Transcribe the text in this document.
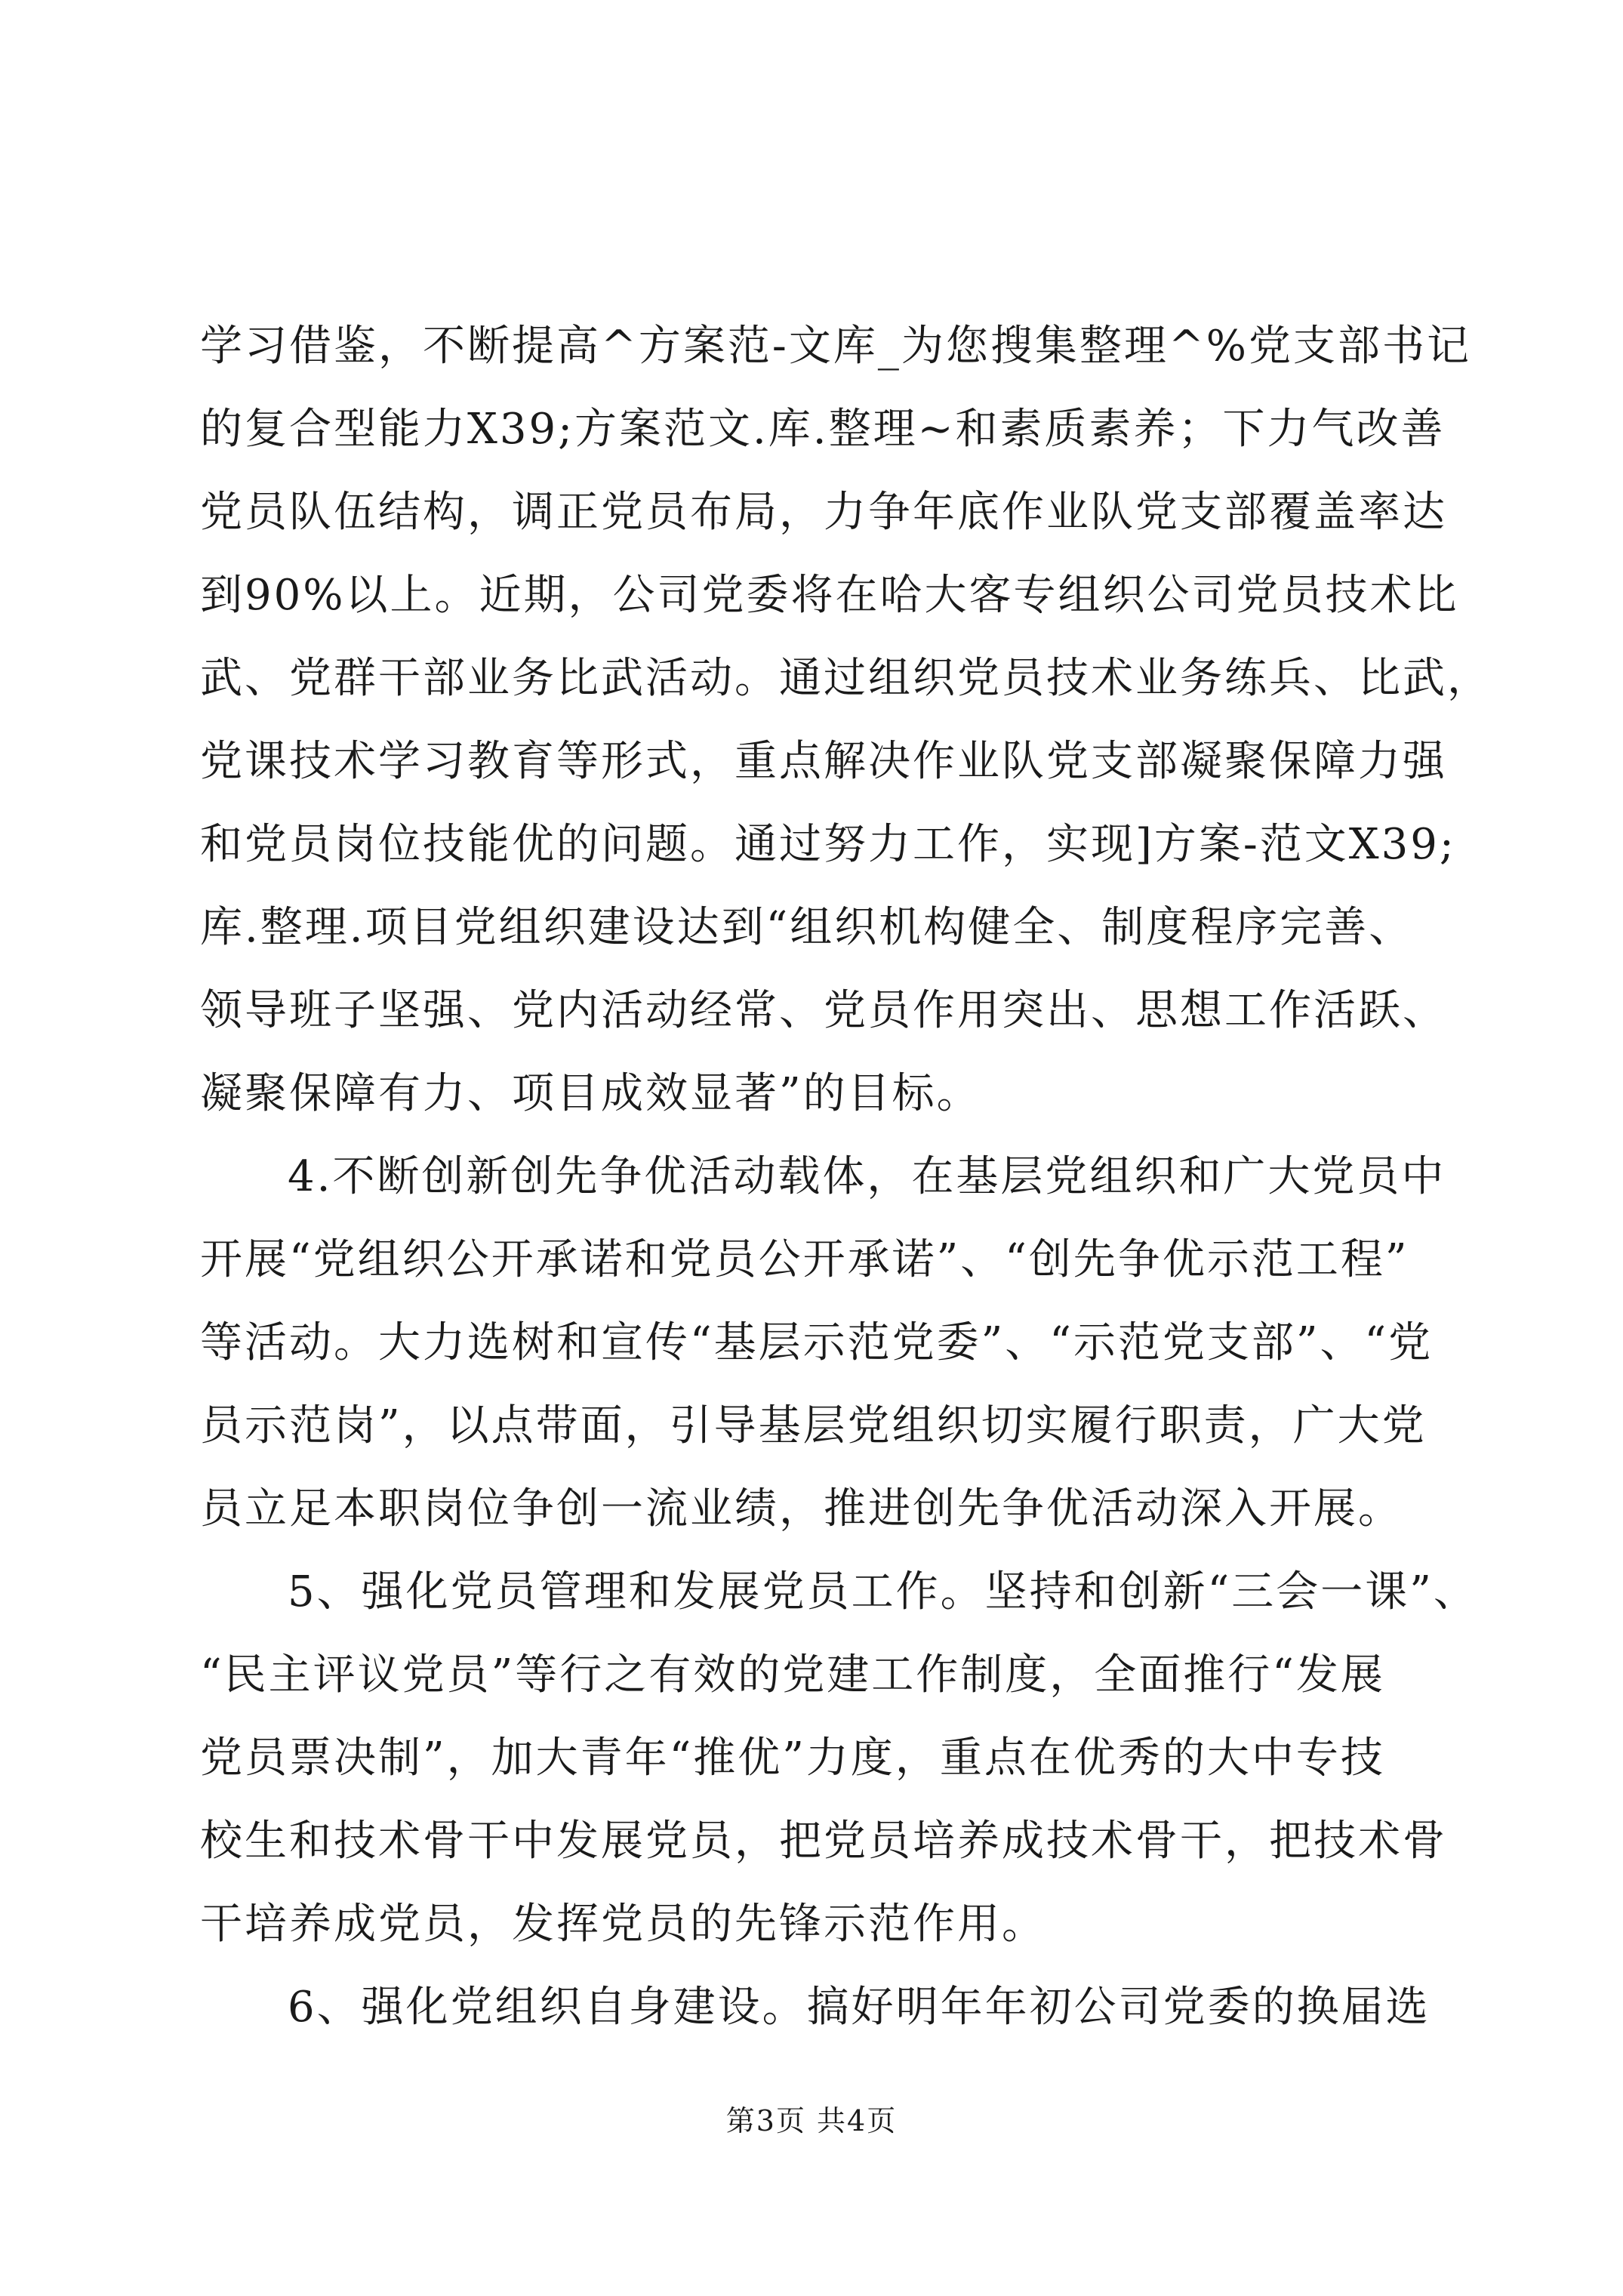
学习借鉴，不断提高^方案范-文库_为您搜集整理^%党支部书记
的复合型能力X39;方案范文.库.整理~和素质素养；下力气改善
党员队伍结构，调正党员布局，力争年底作业队党支部覆盖率达
到90%以上。近期，公司党委将在哈大客专组织公司党员技术比
武、党群干部业务比武活动。通过组织党员技术业务练兵、比武，
党课技术学习教育等形式，重点解决作业队党支部凝聚保障力强
和党员岗位技能优的问题。通过努力工作，实现]方案-范文X39;
库.整理.项目党组织建设达到“组织机构健全、制度程序完善、
领导班子坚强、党内活动经常、党员作用突出、思想工作活跃、
凝聚保障有力、项目成效显著”的目标。
4.不断创新创先争优活动载体，在基层党组织和广大党员中
开展“党组织公开承诺和党员公开承诺”、“创先争优示范工程”
等活动。大力选树和宣传“基层示范党委”、“示范党支部”、“党
员示范岗”，以点带面，引导基层党组织切实履行职责，广大党
员立足本职岗位争创一流业绩，推进创先争优活动深入开展。
5、强化党员管理和发展党员工作。坚持和创新“三会一课”、
“民主评议党员”等行之有效的党建工作制度，全面推行“发展
党员票决制”，加大青年“推优”力度，重点在优秀的大中专技
校生和技术骨干中发展党员，把党员培养成技术骨干，把技术骨
干培养成党员，发挥党员的先锋示范作用。
6、强化党组织自身建设。搞好明年年初公司党委的换届选
第3页 共4页
